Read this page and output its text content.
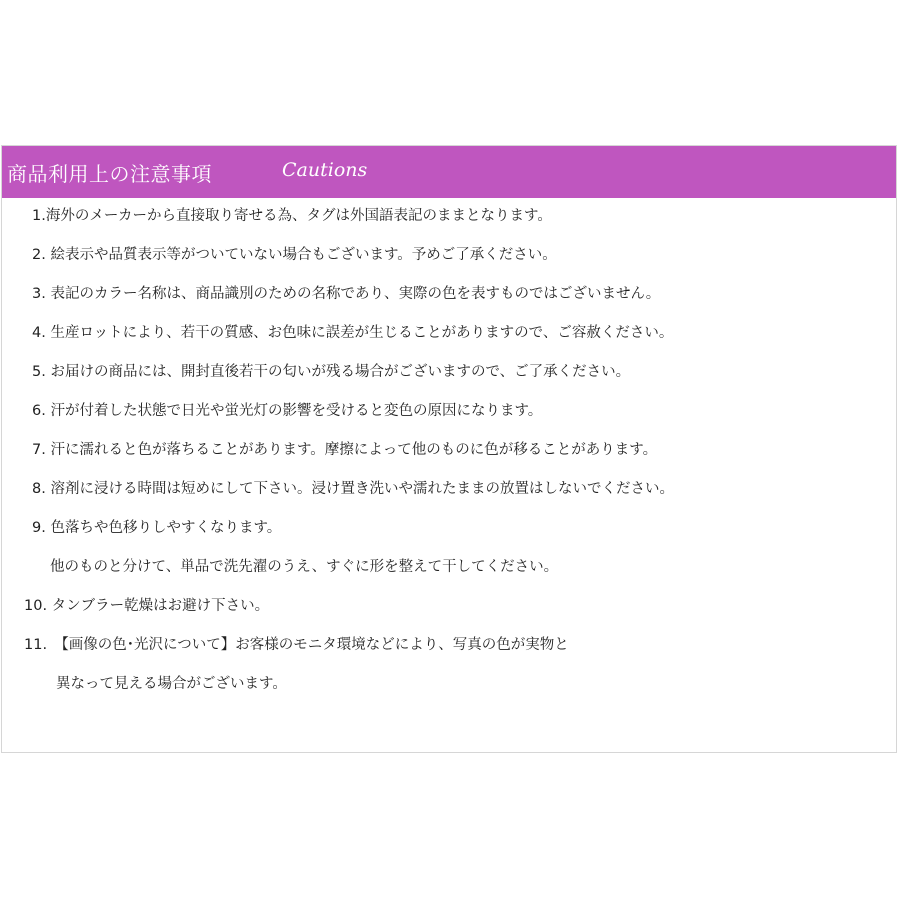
商品利用上の注意事項	Cautions
1.海外のメーカーから直接取り寄せる為、タグは外国語表記のままとなります。
2. 絵表示や品質表示等がついていない場合もございます。予めご了承ください。
3. 表記のカラー名称は、商品識別のための名称であり、実際の色を表すものではございません。
4. 生産ロットにより、若干の質感、お色味に誤差が生じることがありますので、ご容赦ください。
5. お届けの商品には、開封直後若干の匂いが残る場合がございますので、ご了承ください。
6. 汗が付着した状態で日光や蛍光灯の影響を受けると変色の原因になります。
7. 汗に濡れると色が落ちることがあります。摩擦によって他のものに色が移ることがあります。
8. 溶剤に浸ける時間は短めにして下さい。浸け置き洗いや濡れたままの放置はしないでください。
9. 色落ちや色移りしやすくなります。
他のものと分けて、単品で洗先濯のうえ、すぐに形を整えて干してください。
10. タンブラー乾燥はお避け下さい。
11.　【画像の色･光沢について】お客様のモニタ環境などにより、写真の色が実物と
異なって見える場合がございます。
